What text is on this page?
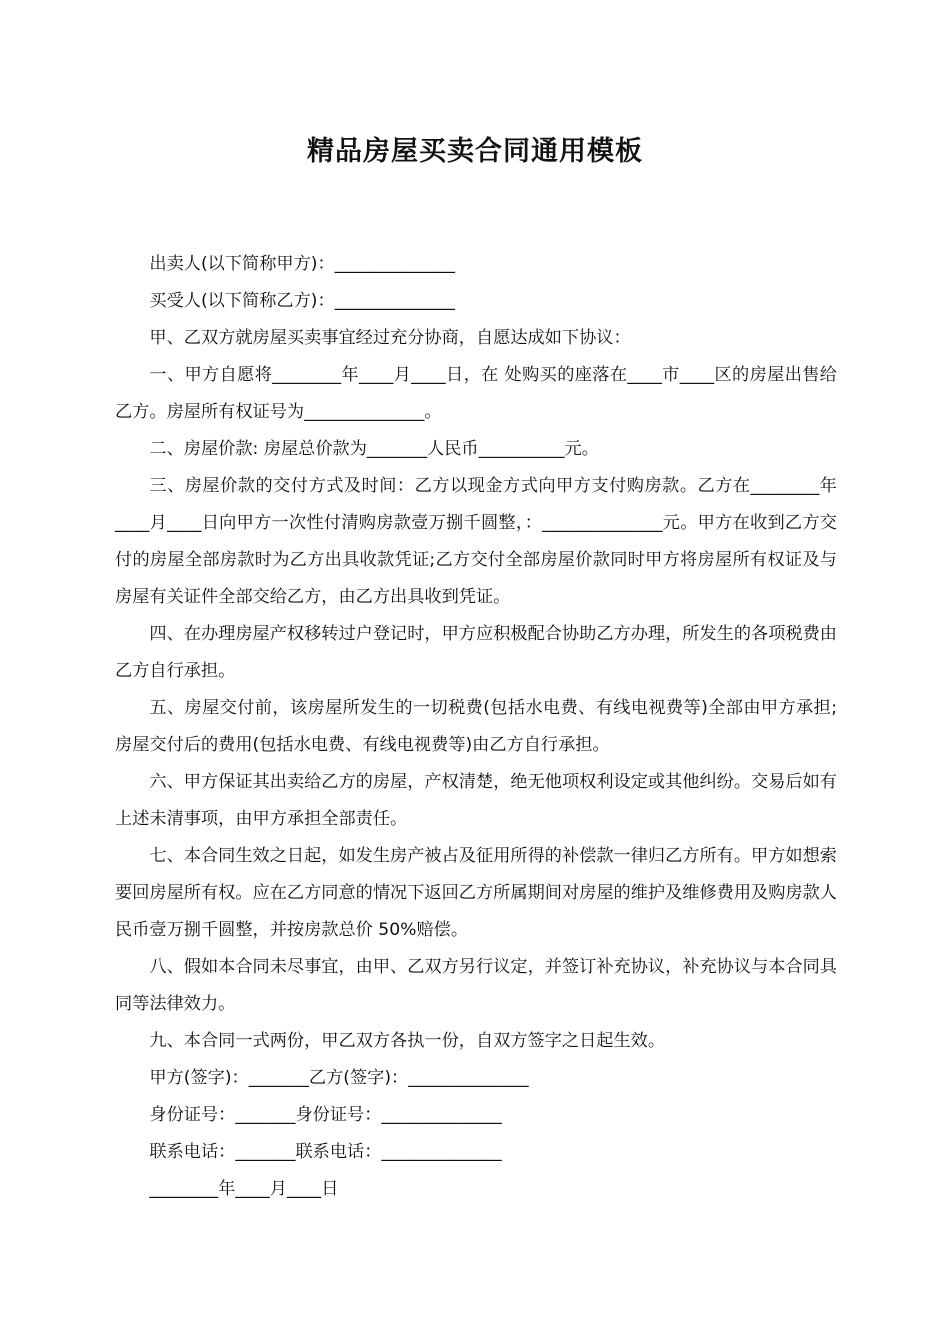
精品房屋买卖合同通用模板

出卖人(以下简称甲方)：______________

买受人(以下简称乙方)：______________

甲、乙双方就房屋买卖事宜经过充分协商，自愿达成如下协议：

一、甲方自愿将________年____月____日，在 处购买的座落在____市____区的房屋出售给乙方。房屋所有权证号为______________。

二、房屋价款: 房屋总价款为_______人民币__________元。

三、房屋价款的交付方式及时间：乙方以现金方式向甲方支付购房款。乙方在________年____月____日向甲方一次性付清购房款壹万捌千圆整，：______________元。甲方在收到乙方交付的房屋全部房款时为乙方出具收款凭证;乙方交付全部房屋价款同时甲方将房屋所有权证及与房屋有关证件全部交给乙方，由乙方出具收到凭证。

四、在办理房屋产权移转过户登记时，甲方应积极配合协助乙方办理，所发生的各项税费由乙方自行承担。

五、房屋交付前，该房屋所发生的一切税费(包括水电费、有线电视费等)全部由甲方承担;房屋交付后的费用(包括水电费、有线电视费等)由乙方自行承担。

六、甲方保证其出卖给乙方的房屋，产权清楚，绝无他项权利设定或其他纠纷。交易后如有上述未清事项，由甲方承担全部责任。

七、本合同生效之日起，如发生房产被占及征用所得的补偿款一律归乙方所有。甲方如想索要回房屋所有权。应在乙方同意的情况下返回乙方所属期间对房屋的维护及维修费用及购房款人民币壹万捌千圆整，并按房款总价 50%赔偿。

八、假如本合同未尽事宜，由甲、乙双方另行议定，并签订补充协议，补充协议与本合同具同等法律效力。

九、本合同一式两份，甲乙双方各执一份，自双方签字之日起生效。

甲方(签字)：_______乙方(签字)：______________

身份证号：_______身份证号：______________

联系电话：_______联系电话：______________

________年____月____日
